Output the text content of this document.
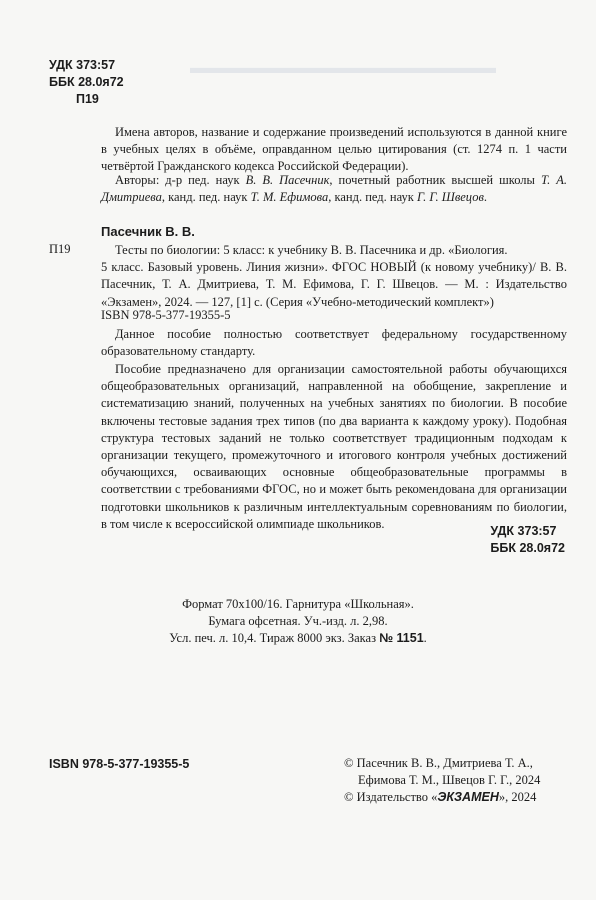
▬▬▬▬▬▬▬▬▬▬▬▬▬▬▬▬▬▬
УДК 373:57
ББК 28.0я72
П19
Имена авторов, название и содержание произведений используются в данной книге в учебных целях в объёме, оправданном целью цитирования (ст. 1274 п. 1 части четвёртой Гражданского кодекса Российской Федерации).
Авторы: д-р пед. наук В. В. Пасечник, почетный работник высшей школы Т. А. Дмитриева, канд. пед. наук Т. М. Ефимова, канд. пед. наук Г. Г. Швецов.
Пасечник В. В.
П19	Тесты по биологии: 5 класс: к учебнику В. В. Пасечника и др. «Биология.
5 класс. Базовый уровень. Линия жизни». ФГОС НОВЫЙ (к новому учебнику)/ В. В. Пасечник, Т. А. Дмитриева, Т. М. Ефимова, Г. Г. Швецов. — М. : Издательство «Экзамен», 2024. — 127, [1] с. (Серия «Учебно-методический комплект»)
ISBN 978-5-377-19355-5
Данное пособие полностью соответствует федеральному государственному образовательному стандарту.
Пособие предназначено для организации самостоятельной работы обучающихся общеобразовательных организаций, направленной на обобщение, закрепление и систематизацию знаний, полученных на учебных занятиях по биологии. В пособие включены тестовые задания трех типов (по два варианта к каждому уроку). Подобная структура тестовых заданий не только соответствует традиционным подходам к организации текущего, промежуточного и итогового контроля учебных достижений обучающихся, осваивающих основные общеобразовательные программы в соответствии с требованиями ФГОС, но и может быть рекомендована для организации подготовки школьников к различным интеллектуальным соревнованиям по биологии, в том числе к всероссийской олимпиаде школьников.
УДК 373:57
ББК 28.0я72
Формат 70х100/16. Гарнитура «Школьная».
Бумага офсетная. Уч.-изд. л. 2,98.
Усл. печ. л. 10,4. Тираж 8000 экз. Заказ № 1151.
ISBN 978-5-377-19355-5	© Пасечник В. В., Дмитриева Т. А.,
Ефимова Т. М., Швецов Г. Г., 2024
© Издательство «ЭКЗАМЕН», 2024
